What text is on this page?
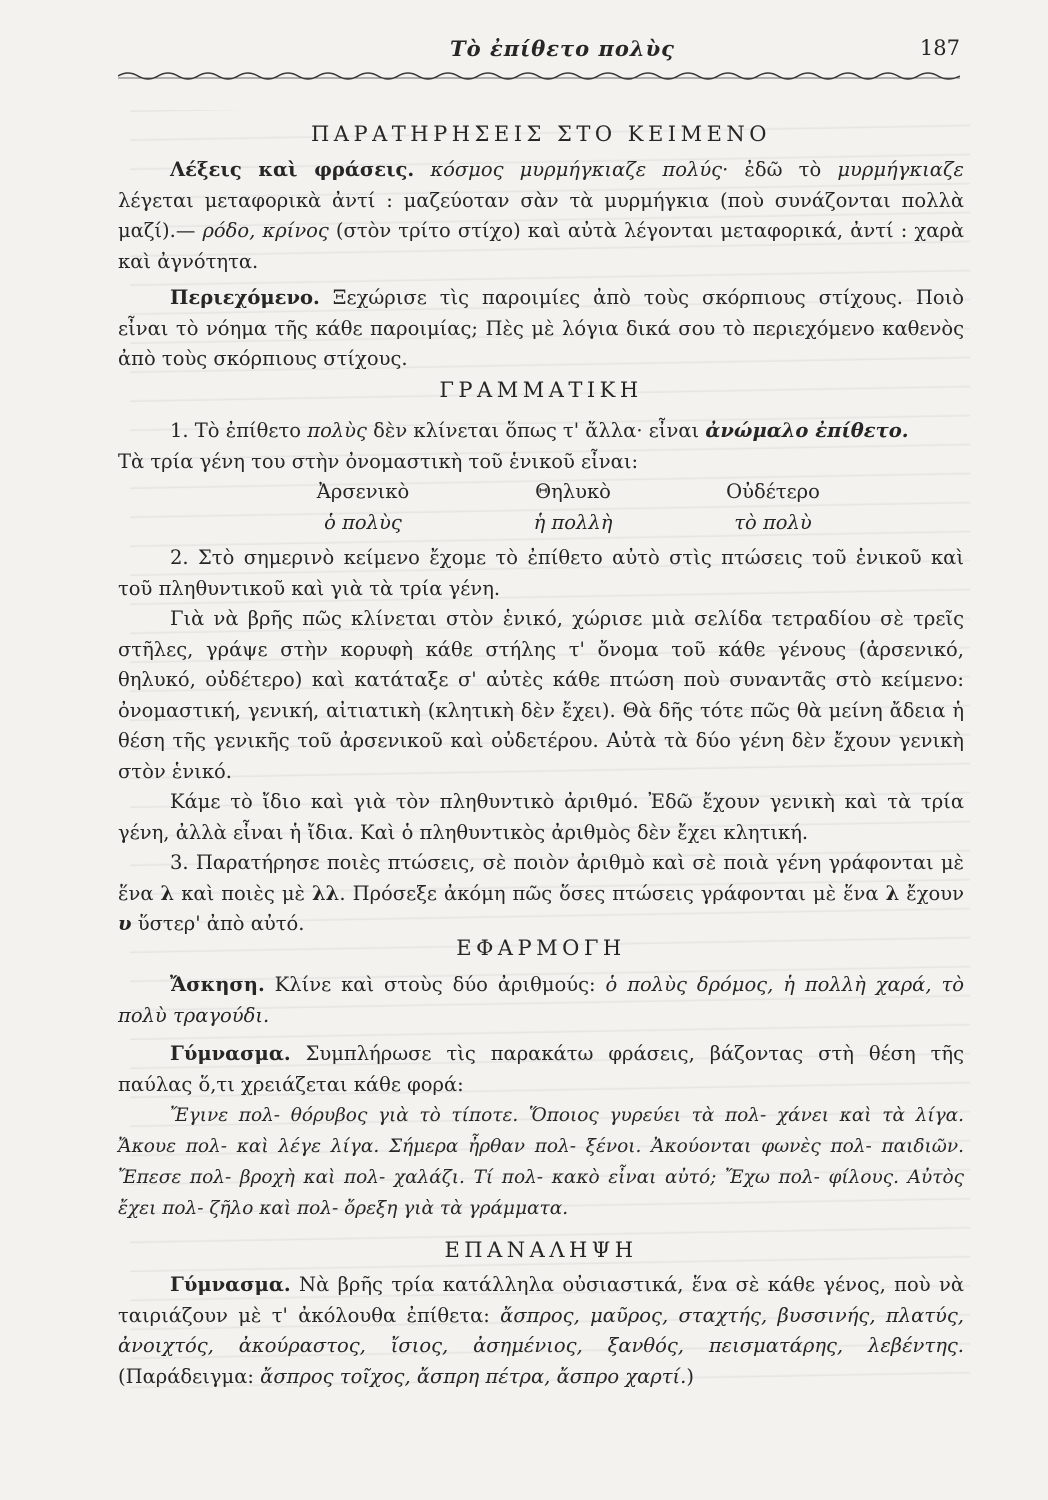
Τὸ ἐπίθετο πολὺς	187
ΠΑΡΑΤΗΡΗΣΕΙΣ ΣΤΟ ΚΕΙΜΕΝΟ

Λέξεις καὶ φράσεις. κόσμος μυρμήγκιαζε πολύς· ἐδῶ τὸ μυρμήγκιαζε λέγεται μεταφορικὰ ἀντί : μαζεύοταν σὰν τὰ μυρμήγκια (ποὺ συνάζονται πολλὰ μαζί).— ρόδο, κρίνος (στὸν τρίτο στίχο) καὶ αὐτὰ λέγονται μεταφορικά, ἀντί : χαρὰ καὶ ἀγνότητα.

Περιεχόμενο. Ξεχώρισε τὶς παροιμίες ἀπὸ τοὺς σκόρπιους στίχους. Ποιὸ εἶναι τὸ νόημα τῆς κάθε παροιμίας; Πὲς μὲ λόγια δικά σου τὸ περιεχόμενο καθενὸς ἀπὸ τοὺς σκόρπιους στίχους.

ΓΡΑΜΜΑΤΙΚΗ

1. Τὸ ἐπίθετο πολὺς δὲν κλίνεται ὅπως τ' ἄλλα· εἶναι ἀνώμαλο ἐπίθετο.

Τὰ τρία γένη του στὴν ὀνομαστικὴ τοῦ ἑνικοῦ εἶναι:

Ἀρσενικὸ
ὁ πολὺς
Θηλυκὸ
ἡ πολλὴ
Οὐδέτερο
τὸ πολὺ

2. Στὸ σημερινὸ κείμενο ἔχομε τὸ ἐπίθετο αὐτὸ στὶς πτώσεις τοῦ ἑνικοῦ καὶ τοῦ πληθυντικοῦ καὶ γιὰ τὰ τρία γένη.

Γιὰ νὰ βρῆς πῶς κλίνεται στὸν ἑνικό, χώρισε μιὰ σελίδα τετραδίου σὲ τρεῖς στῆλες, γράψε στὴν κορυφὴ κάθε στήλης τ' ὄνομα τοῦ κάθε γένους (ἀρσενικό, θηλυκό, οὐδέτερο) καὶ κατάταξε σ' αὐτὲς κάθε πτώση ποὺ συναντᾶς στὸ κείμενο: ὀνομαστική, γενική, αἰτιατικὴ (κλητικὴ δὲν ἔχει). Θὰ δῆς τότε πῶς θὰ μείνη ἄδεια ἡ θέση τῆς γενικῆς τοῦ ἀρσενικοῦ καὶ οὐδετέρου. Αὐτὰ τὰ δύο γένη δὲν ἔχουν γενικὴ στὸν ἑνικό.

Κάμε τὸ ἴδιο καὶ γιὰ τὸν πληθυντικὸ ἀριθμό. Ἐδῶ ἔχουν γενικὴ καὶ τὰ τρία γένη, ἀλλὰ εἶναι ἡ ἴδια. Καὶ ὁ πληθυντικὸς ἀριθμὸς δὲν ἔχει κλητική.

3. Παρατήρησε ποιὲς πτώσεις, σὲ ποιὸν ἀριθμὸ καὶ σὲ ποιὰ γένη γράφονται μὲ ἕνα λ καὶ ποιὲς μὲ λλ. Πρόσεξε ἀκόμη πῶς ὅσες πτώσεις γράφονται μὲ ἕνα λ ἔχουν υ ὕστερ' ἀπὸ αὐτό.

ΕΦΑΡΜΟΓΗ

Ἄσκηση. Κλίνε καὶ στοὺς δύο ἀριθμούς: ὁ πολὺς δρόμος, ἡ πολλὴ χαρά, τὸ πολὺ τραγούδι.

Γύμνασμα. Συμπλήρωσε τὶς παρακάτω φράσεις, βάζοντας στὴ θέση τῆς παύλας ὅ,τι χρειάζεται κάθε φορά:

Ἔγινε πολ- θόρυβος γιὰ τὸ τίποτε. Ὅποιος γυρεύει τὰ πολ- χάνει καὶ τὰ λίγα. Ἄκουε πολ- καὶ λέγε λίγα. Σήμερα ἦρθαν πολ- ξένοι. Ἀκούονται φωνὲς πολ- παιδιῶν. Ἔπεσε πολ- βροχὴ καὶ πολ- χαλάζι. Τί πολ- κακὸ εἶναι αὐτό; Ἔχω πολ- φίλους. Αὐτὸς ἔχει πολ- ζῆλο καὶ πολ- ὄρεξη γιὰ τὰ γράμματα.

ΕΠΑΝΑΛΗΨΗ

Γύμνασμα. Νὰ βρῆς τρία κατάλληλα οὐσιαστικά, ἕνα σὲ κάθε γένος, ποὺ νὰ ταιριάζουν μὲ τ' ἀκόλουθα ἐπίθετα: ἄσπρος, μαῦρος, σταχτής, βυσσινής, πλατύς, ἀνοιχτός, ἀκούραστος, ἴσιος, ἀσημένιος, ξανθός, πεισματάρης, λεβέντης. (Παράδειγμα: ἄσπρος τοῖχος, ἄσπρη πέτρα, ἄσπρο χαρτί.)
